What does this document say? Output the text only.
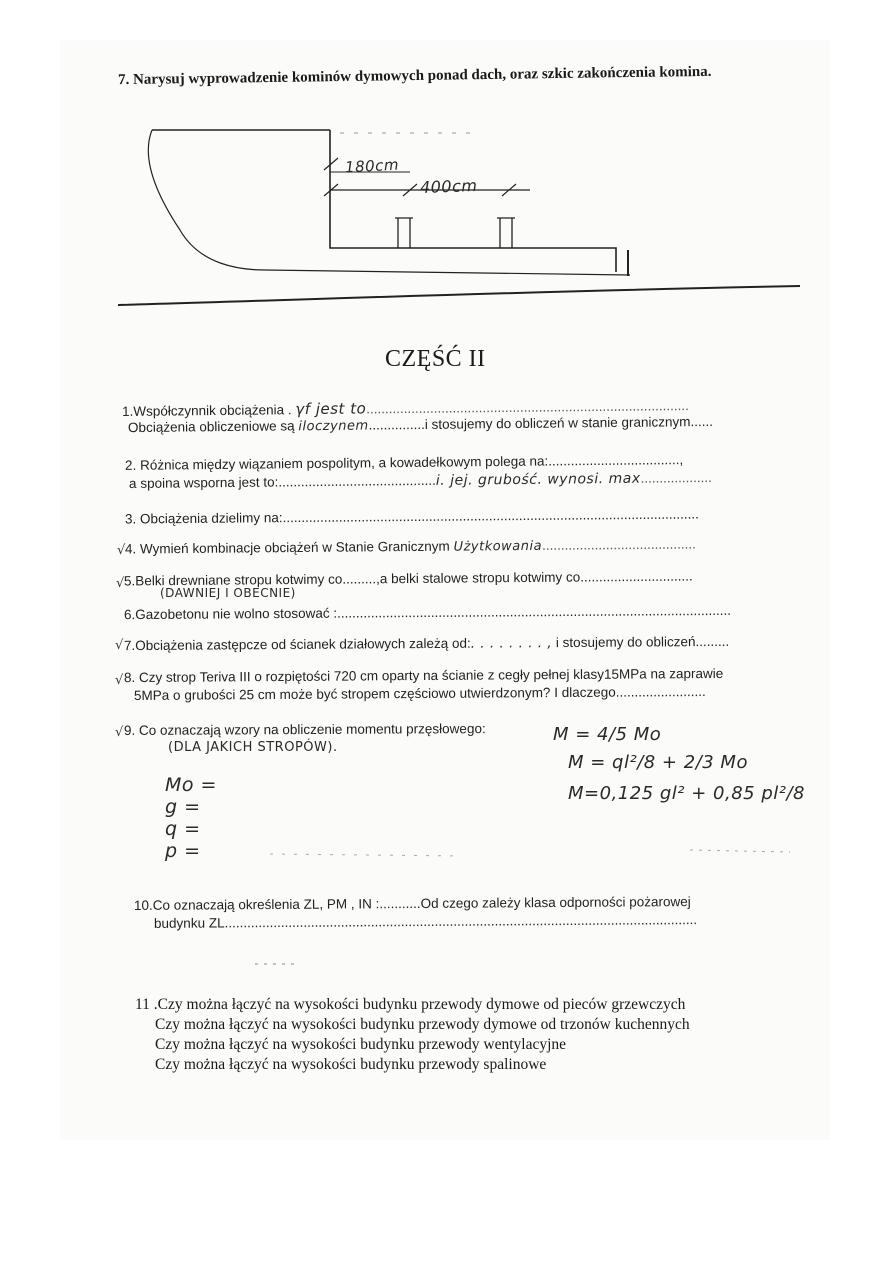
7. Narysuj wyprowadzenie kominów dymowych ponad dach, oraz szkic zakończenia komina.
180cm
400cm
CZĘŚĆ II
1.Współczynnik obciążenia . γf jest to......................................................................................
Obciążenia obliczeniowe są iloczynem...............i stosujemy do obliczeń w stanie granicznym......
2. Różnica między wiązaniem pospolitym, a kowadełkowym polega na:...................................,
a spoina wsporna jest to:..........................................i. jej. grubość. wynosi. max...................
3. Obciążenia dzielimy na:...............................................................................................................
√ 4. Wymień kombinacje obciążeń w Stanie Granicznym Użytkowania.........................................
√ 5.Belki drewniane stropu kotwimy co.........,a belki stalowe stropu kotwimy co..............................
(DAWNIEJ I OBECNIE)
6.Gazobetonu nie wolno stosować :.........................................................................................................
√ 7.Obciążenia zastępcze od ścianek działowych zależą od:. . . . . . . . , i stosujemy do obliczeń.........
√ 8. Czy strop Teriva III o rozpiętości 720 cm oparty na ścianie z cegły pełnej klasy15MPa na zaprawie
5MPa o grubości 25 cm może być stropem częściowo utwierdzonym? I dlaczego........................
√ 9. Co oznaczają wzory na obliczenie momentu przęsłowego:
(DLA JAKICH STROPÓW).
Mo =
g =
q =
p =
M = 4/5 Mo
M = ql²/8 + 2/3 Mo
M=0,125 gl² + 0,85 pl²/8
10.Co oznaczają określenia ZL, PM , IN :...........Od czego zależy klasa odporności pożarowej
budynku ZL..............................................................................................................................
11 .Czy można łączyć na wysokości budynku przewody dymowe od pieców grzewczych
Czy można łączyć na wysokości budynku przewody dymowe od trzonów kuchennych
Czy można łączyć na wysokości budynku przewody wentylacyjne
Czy można łączyć na wysokości budynku przewody spalinowe
